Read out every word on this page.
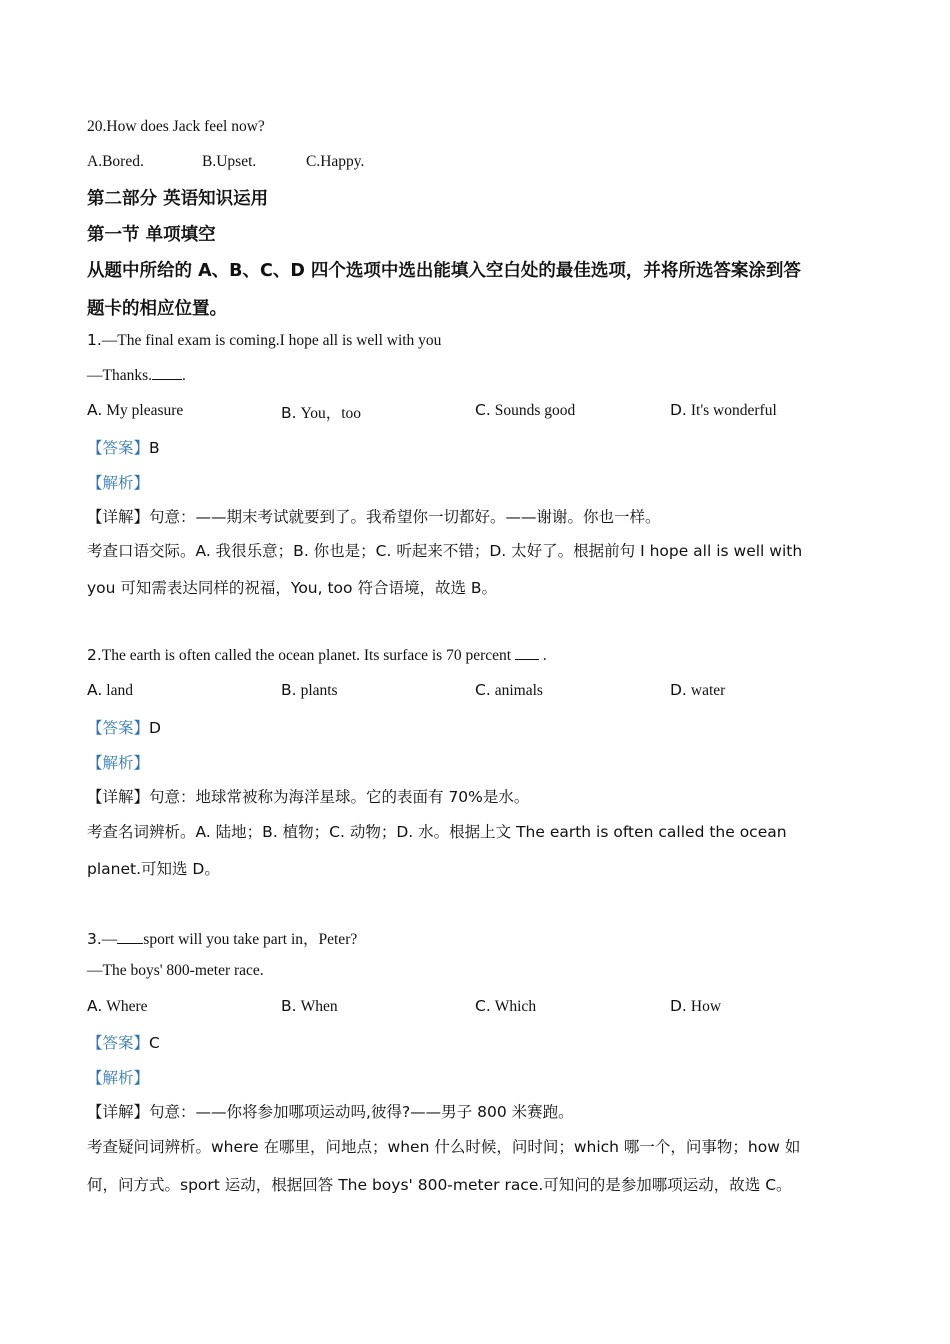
20.How does Jack feel now?
A.Bored.	B.Upset.	C.Happy.
第二部分 英语知识运用
第一节 单项填空
从题中所给的 A、B、C、D 四个选项中选出能填入空白处的最佳选项，并将所选答案涂到答
题卡的相应位置。
1.—The final exam is coming.I hope all is well with you
—Thanks. .
A. My pleasure	B. You，too	C. Sounds good	D. It's wonderful
【答案】B
【解析】
【详解】句意：——期末考试就要到了。我希望你一切都好。——谢谢。你也一样。
考查口语交际。A. 我很乐意；B. 你也是；C. 听起来不错；D. 太好了。根据前句 I hope all is well with
you 可知需表达同样的祝福，You, too 符合语境，故选 B。
2.The earth is often called the ocean planet. Its surface is 70 percent  .
A. land	B. plants	C. animals	D. water
【答案】D
【解析】
【详解】句意：地球常被称为海洋星球。它的表面有 70%是水。
考查名词辨析。A. 陆地；B. 植物；C. 动物；D. 水。根据上文 The earth is often called the ocean
planet.可知选 D。
3.— sport will you take part in，Peter?
—The boys' 800-meter race.
A. Where	B. When	C. Which	D. How
【答案】C
【解析】
【详解】句意：——你将参加哪项运动吗,彼得?——男子 800 米赛跑。
考查疑问词辨析。where 在哪里，问地点；when 什么时候，问时间；which 哪一个，问事物；how 如
何，问方式。sport 运动，根据回答 The boys' 800-meter race.可知问的是参加哪项运动，故选 C。
